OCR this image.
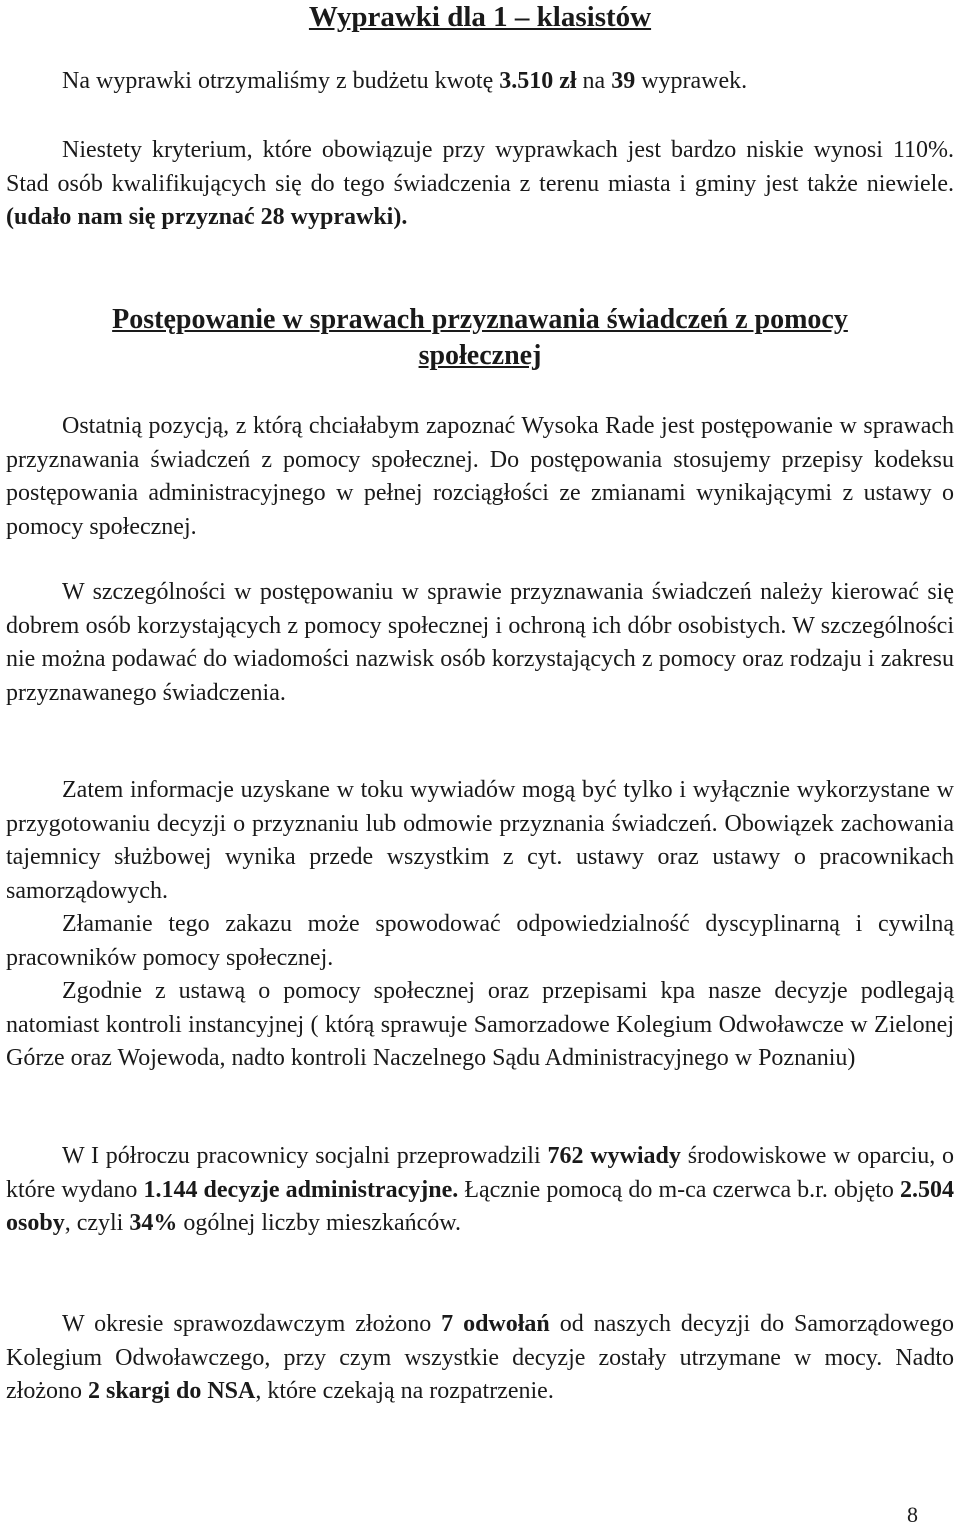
Wyprawki dla 1 – klasistów

Na wyprawki otrzymaliśmy z budżetu kwotę 3.510 zł na 39 wyprawek.

Niestety kryterium, które obowiązuje przy wyprawkach jest bardzo niskie wynosi 110%. Stad osób kwalifikujących się do tego świadczenia z terenu miasta i gminy jest także niewiele. (udało nam się przyznać 28 wyprawki).

Postępowanie w sprawach przyznawania świadczeń z pomocy
społecznej

Ostatnią pozycją, z którą chciałabym zapoznać Wysoka Rade jest postępowanie w sprawach przyznawania świadczeń z pomocy społecznej. Do postępowania stosujemy przepisy kodeksu postępowania administracyjnego w pełnej rozciągłości ze zmianami wynikającymi z ustawy o pomocy społecznej.

W szczególności w postępowaniu w sprawie przyznawania świadczeń należy kierować się dobrem osób korzystających z pomocy społecznej i ochroną ich dóbr osobistych. W szczególności nie można podawać do wiadomości nazwisk osób korzystających z pomocy oraz rodzaju i zakresu przyznawanego świadczenia.

Zatem informacje uzyskane w toku wywiadów mogą być tylko i wyłącznie wykorzystane w przygotowaniu decyzji o przyznaniu lub odmowie przyznania świadczeń. Obowiązek zachowania tajemnicy służbowej wynika przede wszystkim z cyt. ustawy oraz ustawy o pracownikach samorządowych.

Złamanie tego zakazu może spowodować odpowiedzialność dyscyplinarną i cywilną pracowników pomocy społecznej.

Zgodnie z ustawą o pomocy społecznej oraz przepisami kpa nasze decyzje podlegają natomiast kontroli instancyjnej ( którą sprawuje Samorzadowe Kolegium Odwoławcze w Zielonej Górze oraz Wojewoda, nadto kontroli Naczelnego Sądu Administracyjnego w Poznaniu)

W I półroczu pracownicy socjalni przeprowadzili 762 wywiady środowiskowe w oparciu, o które wydano 1.144 decyzje administracyjne. Łącznie pomocą do m-ca czerwca b.r. objęto 2.504 osoby, czyli 34% ogólnej liczby mieszkańców.

W okresie sprawozdawczym złożono 7 odwołań od naszych decyzji do Samorządowego Kolegium Odwoławczego, przy czym wszystkie decyzje zostały utrzymane w mocy. Nadto złożono 2 skargi do NSA, które czekają na rozpatrzenie.

8
